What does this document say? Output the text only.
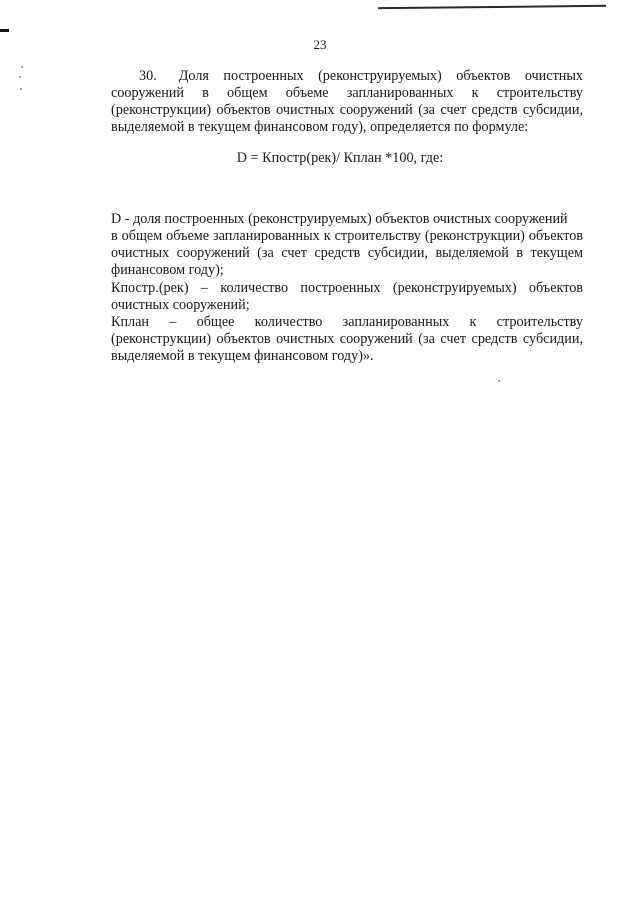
23
30. Доля построенных (реконструируемых) объектов очистных
сооружений в общем объеме запланированных к строительству
(реконструкции) объектов очистных сооружений (за счет средств субсидии,
выделяемой в текущем финансовом году), определяется по формуле:
D = Кпостр(рек)/ Кплан *100, где:
D - доля построенных (реконструируемых) объектов очистных сооружений
в общем объеме запланированных к строительству (реконструкции) объектов
очистных сооружений (за счет средств субсидии, выделяемой в текущем
финансовом году);
Кпостр.(рек) – количество построенных (реконструируемых) объектов
очистных сооружений;
Кплан – общее количество запланированных к строительству
(реконструкции) объектов очистных сооружений (за счет средств субсидии,
выделяемой в текущем финансовом году)».
